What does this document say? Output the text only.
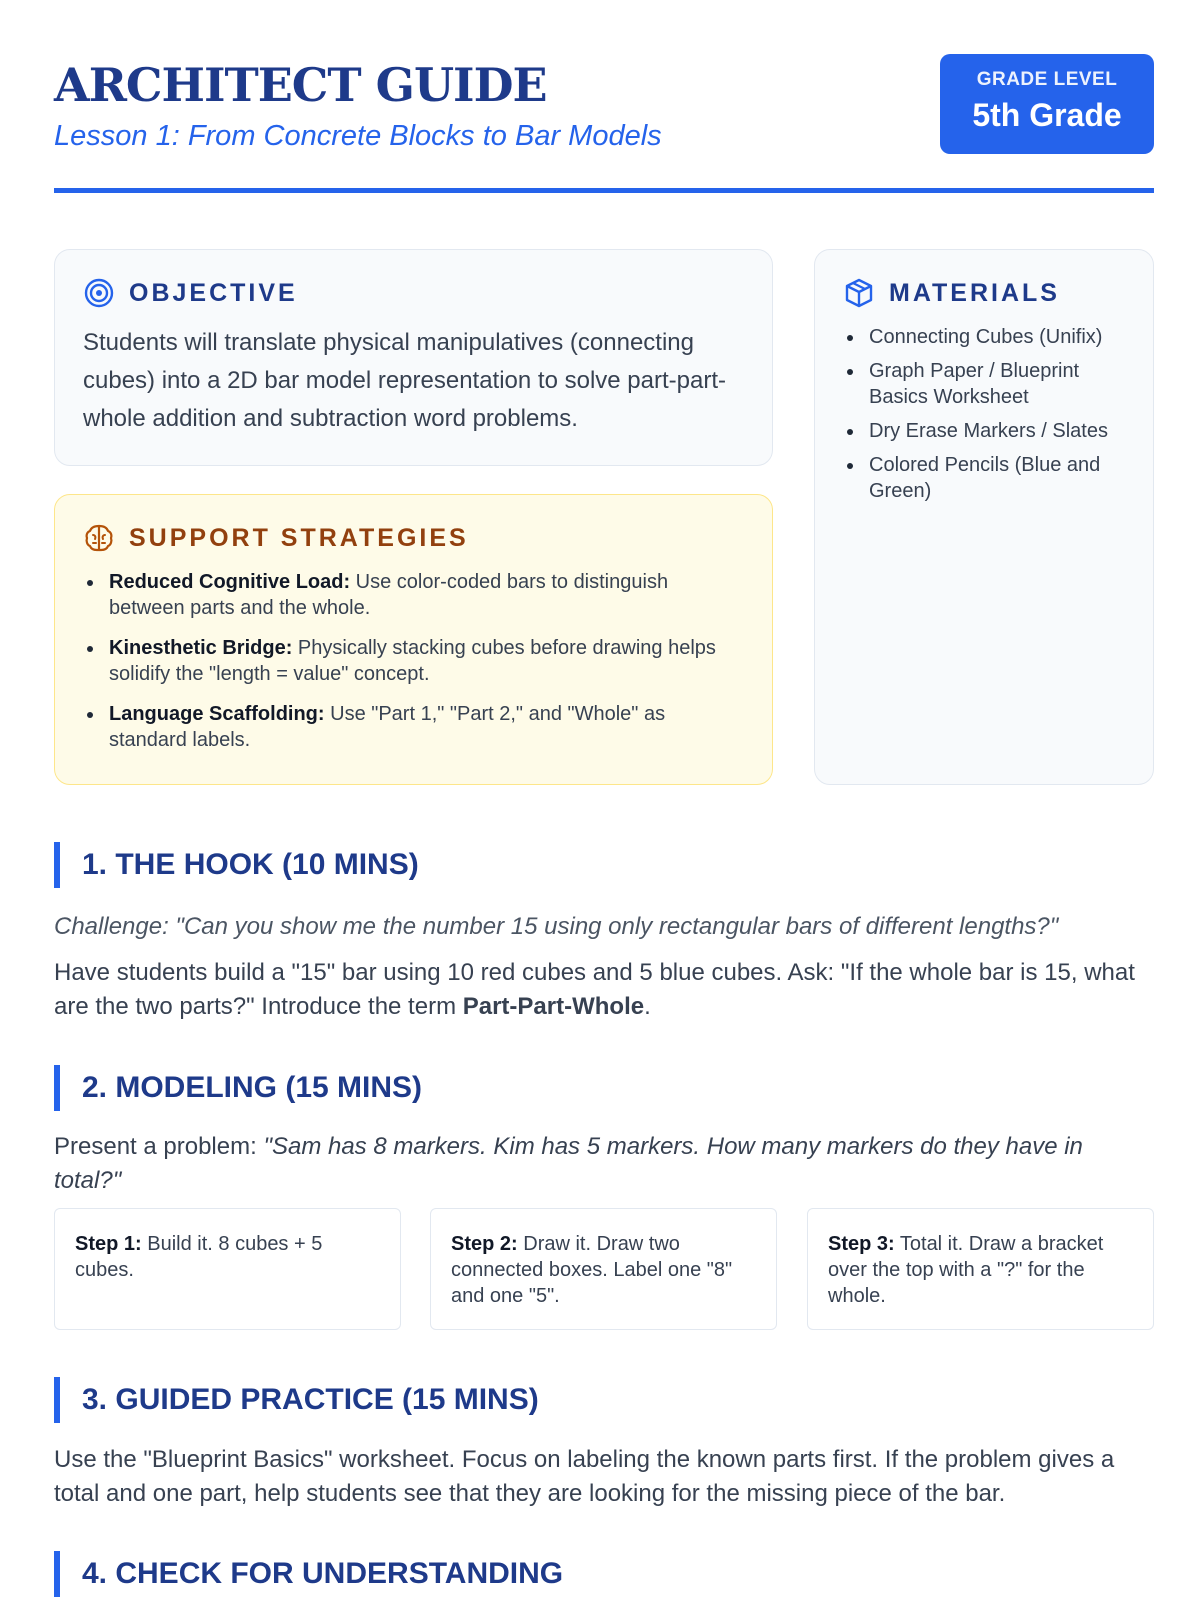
ARCHITECT GUIDE
Lesson 1: From Concrete Blocks to Bar Models
GRADE LEVEL
5th Grade
OBJECTIVE

Students will translate physical manipulatives (connecting cubes) into a 2D bar model representation to solve part-part-whole addition and subtraction word problems.

SUPPORT STRATEGIES
Reduced Cognitive Load: Use color-coded bars to distinguish between parts and the whole.
Kinesthetic Bridge: Physically stacking cubes before drawing helps solidify the "length = value" concept.
Language Scaffolding: Use "Part 1," "Part 2," and "Whole" as standard labels.
MATERIALS
Connecting Cubes (Unifix)
Graph Paper / Blueprint Basics Worksheet
Dry Erase Markers / Slates
Colored Pencils (Blue and Green)
1. THE HOOK (10 MINS)

Challenge: "Can you show me the number 15 using only rectangular bars of different lengths?"

Have students build a "15" bar using 10 red cubes and 5 blue cubes. Ask: "If the whole bar is 15, what are the two parts?" Introduce the term Part-Part-Whole.

2. MODELING (15 MINS)

Present a problem: "Sam has 8 markers. Kim has 5 markers. How many markers do they have in total?"

Step 1: Build it. 8 cubes + 5 cubes.
Step 2: Draw it. Draw two connected boxes. Label one "8" and one "5".
Step 3: Total it. Draw a bracket over the top with a "?" for the whole.
3. GUIDED PRACTICE (15 MINS)

Use the "Blueprint Basics" worksheet. Focus on labeling the known parts first. If the problem gives a total and one part, help students see that they are looking for the missing piece of the bar.

4. CHECK FOR UNDERSTANDING
